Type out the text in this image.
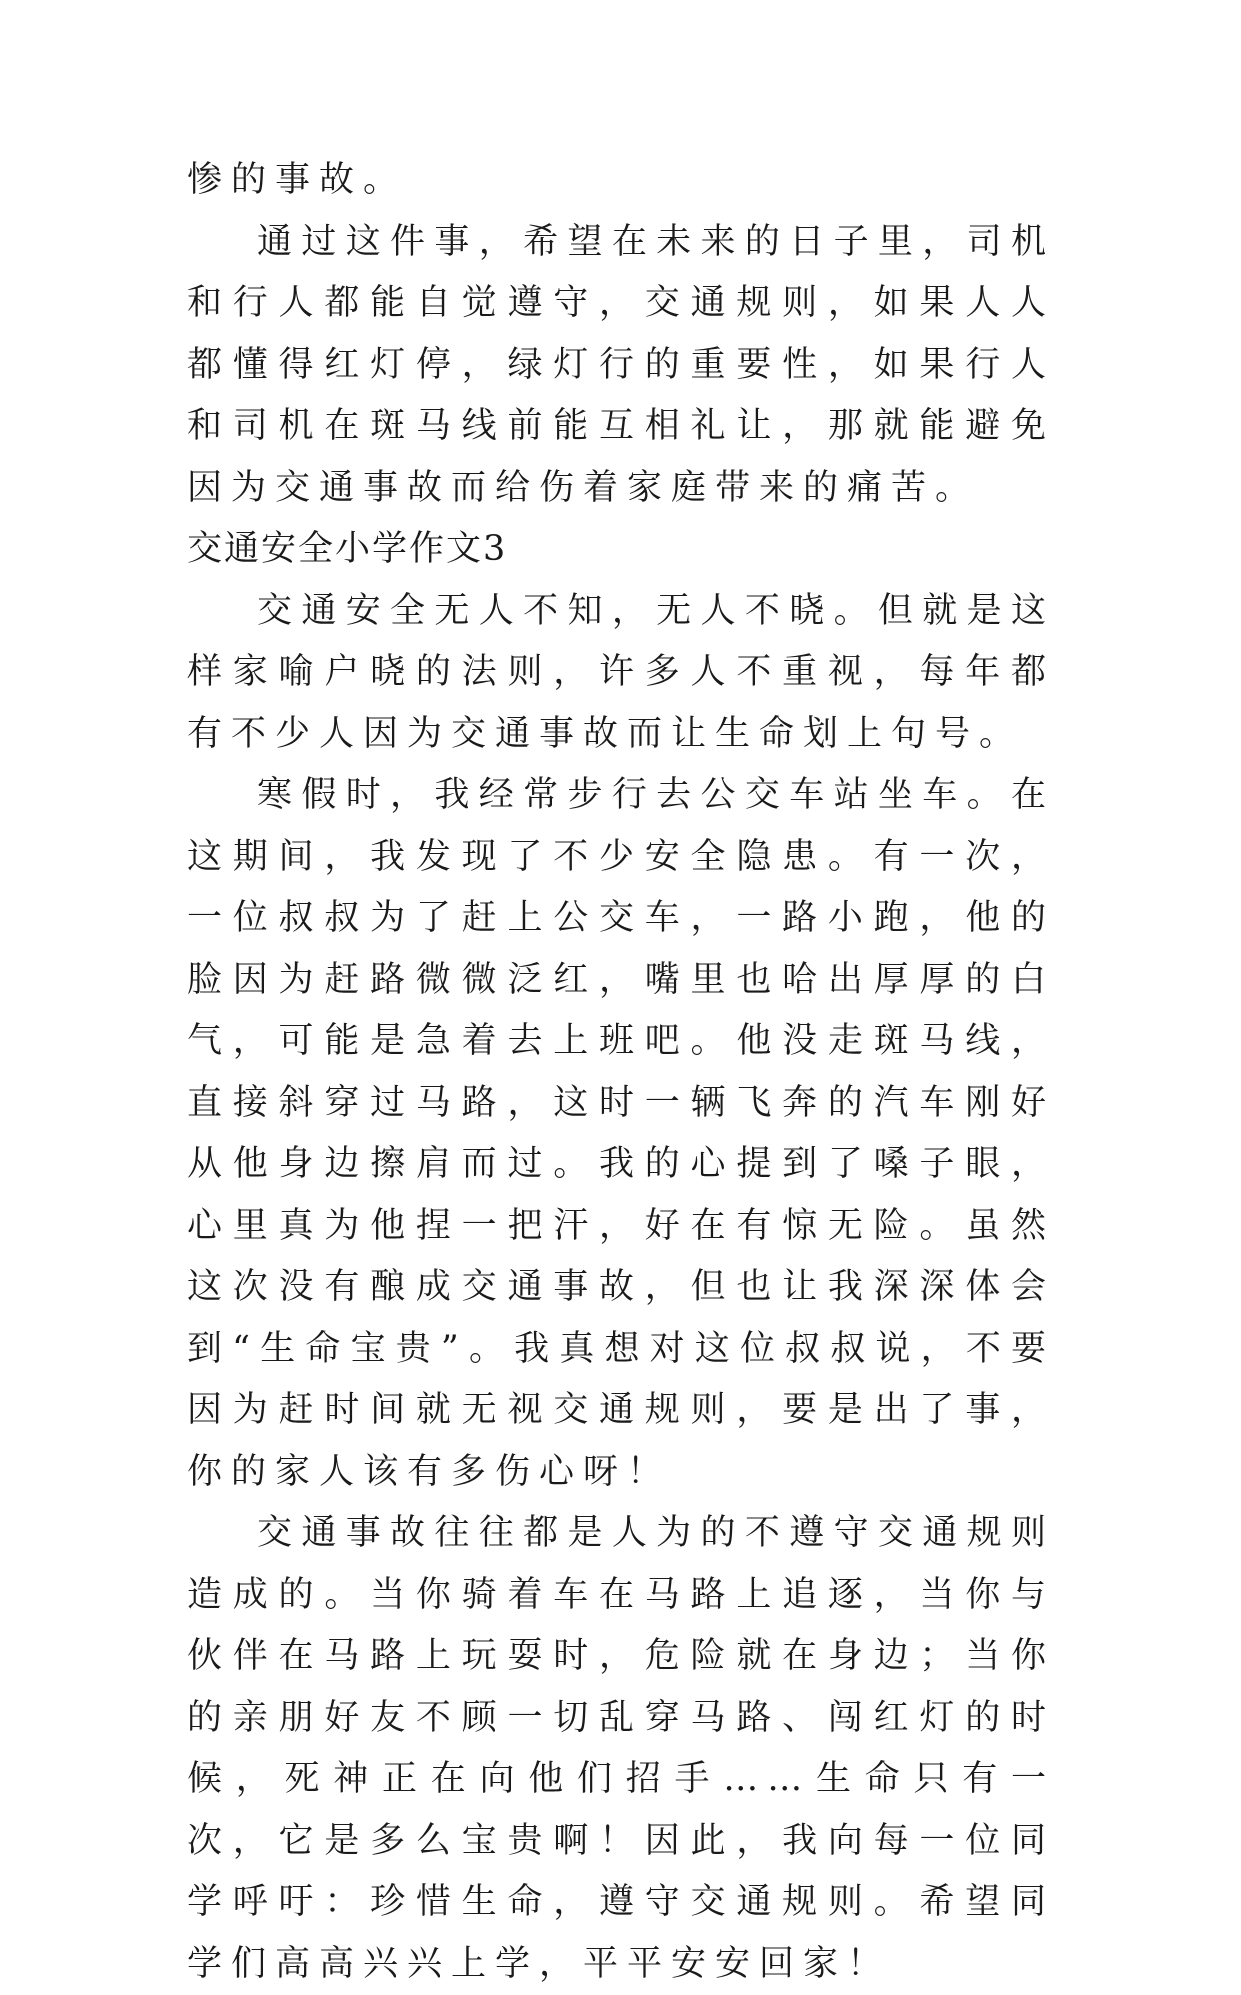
惨的事故。

通过这件事，希望在未来的日子里，司机和行人都能自觉遵守，交通规则，如果人人都懂得红灯停，绿灯行的重要性，如果行人和司机在斑马线前能互相礼让，那就能避免因为交通事故而给伤着家庭带来的痛苦。

交通安全小学作文3

交通安全无人不知，无人不晓。但就是这样家喻户晓的法则，许多人不重视，每年都有不少人因为交通事故而让生命划上句号。

寒假时，我经常步行去公交车站坐车。在这期间，我发现了不少安全隐患。有一次，一位叔叔为了赶上公交车，一路小跑，他的脸因为赶路微微泛红，嘴里也哈出厚厚的白气，可能是急着去上班吧。他没走斑马线，直接斜穿过马路，这时一辆飞奔的汽车刚好从他身边擦肩而过。我的心提到了嗓子眼，心里真为他捏一把汗，好在有惊无险。虽然这次没有酿成交通事故，但也让我深深体会到“生命宝贵”。我真想对这位叔叔说，不要因为赶时间就无视交通规则，要是出了事，你的家人该有多伤心呀！

交通事故往往都是人为的不遵守交通规则造成的。当你骑着车在马路上追逐，当你与伙伴在马路上玩耍时，危险就在身边；当你的亲朋好友不顾一切乱穿马路、闯红灯的时候，死神正在向他们招手……生命只有一次，它是多么宝贵啊！因此，我向每一位同学呼吁：珍惜生命，遵守交通规则。希望同学们高高兴兴上学，平平安安回家！
